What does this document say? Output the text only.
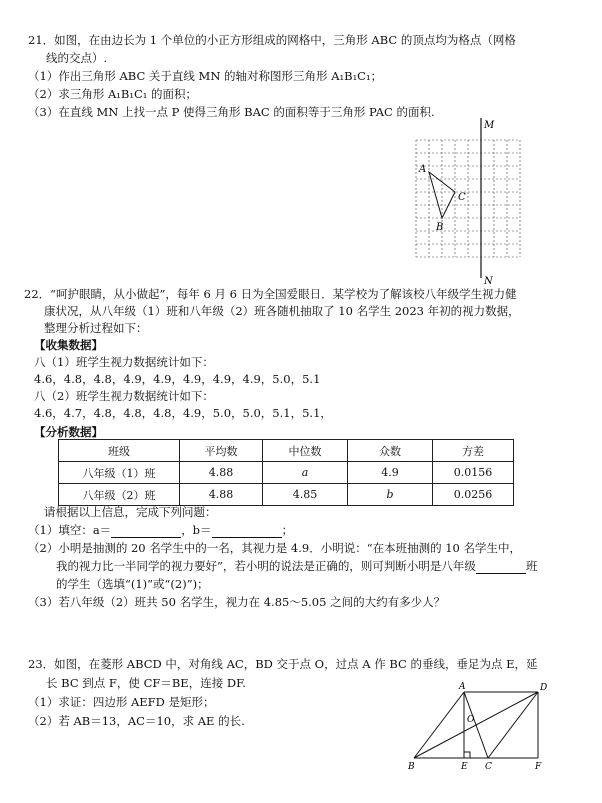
21．如图，在由边长为 1 个单位的小正方形组成的网格中，三角形 ABC 的顶点均为格点（网格
线的交点）.
（1）作出三角形 ABC 关于直线 MN 的轴对称图形三角形 A₁B₁C₁；
（2）求三角形 A₁B₁C₁ 的面积；
（3）在直线 MN 上找一点 P 使得三角形 BAC 的面积等于三角形 PAC 的面积.
M
N
A
C
B
22．“呵护眼睛，从小做起”，每年 6 月 6 日为全国爱眼日．某学校为了解该校八年级学生视力健
康状况，从八年级（1）班和八年级（2）班各随机抽取了 10 名学生 2023 年初的视力数据，
整理分析过程如下：
【收集数据】
八（1）班学生视力数据统计如下：
4.6，4.8，4.8，4.9，4.9，4.9，4.9，4.9，5.0，5.1
八（2）班学生视力数据统计如下：
4.6，4.7，4.8，4.8，4.8，4.9，5.0，5.0，5.1，5.1，
【分析数据】
班级	平均数	中位数	众数	方差
八年级（1）班	4.88	a	4.9	0.0156
八年级（2）班	4.88	4.85	b	0.0256
请根据以上信息，完成下列问题：
（1）填空：a＝	，b＝	；
（2）小明是抽测的 20 名学生中的一名，其视力是 4.9．小明说：“在本班抽测的 10 名学生中，
我的视力比一半同学的视力要好”，若小明的说法是正确的，则可判断小明是八年级	班
的学生（选填“(1)”或“(2)”)；
（3）若八年级（2）班共 50 名学生，视力在 4.85～5.05 之间的大约有多少人？
23．如图，在菱形 ABCD 中，对角线 AC，BD 交于点 O，过点 A 作 BC 的垂线，垂足为点 E，延
长 BC 到点 F，使 CF＝BE，连接 DF.
（1）求证：四边形 AEFD 是矩形；
（2）若 AB＝13，AC＝10，求 AE 的长.
A	D
O
B	E C	F
